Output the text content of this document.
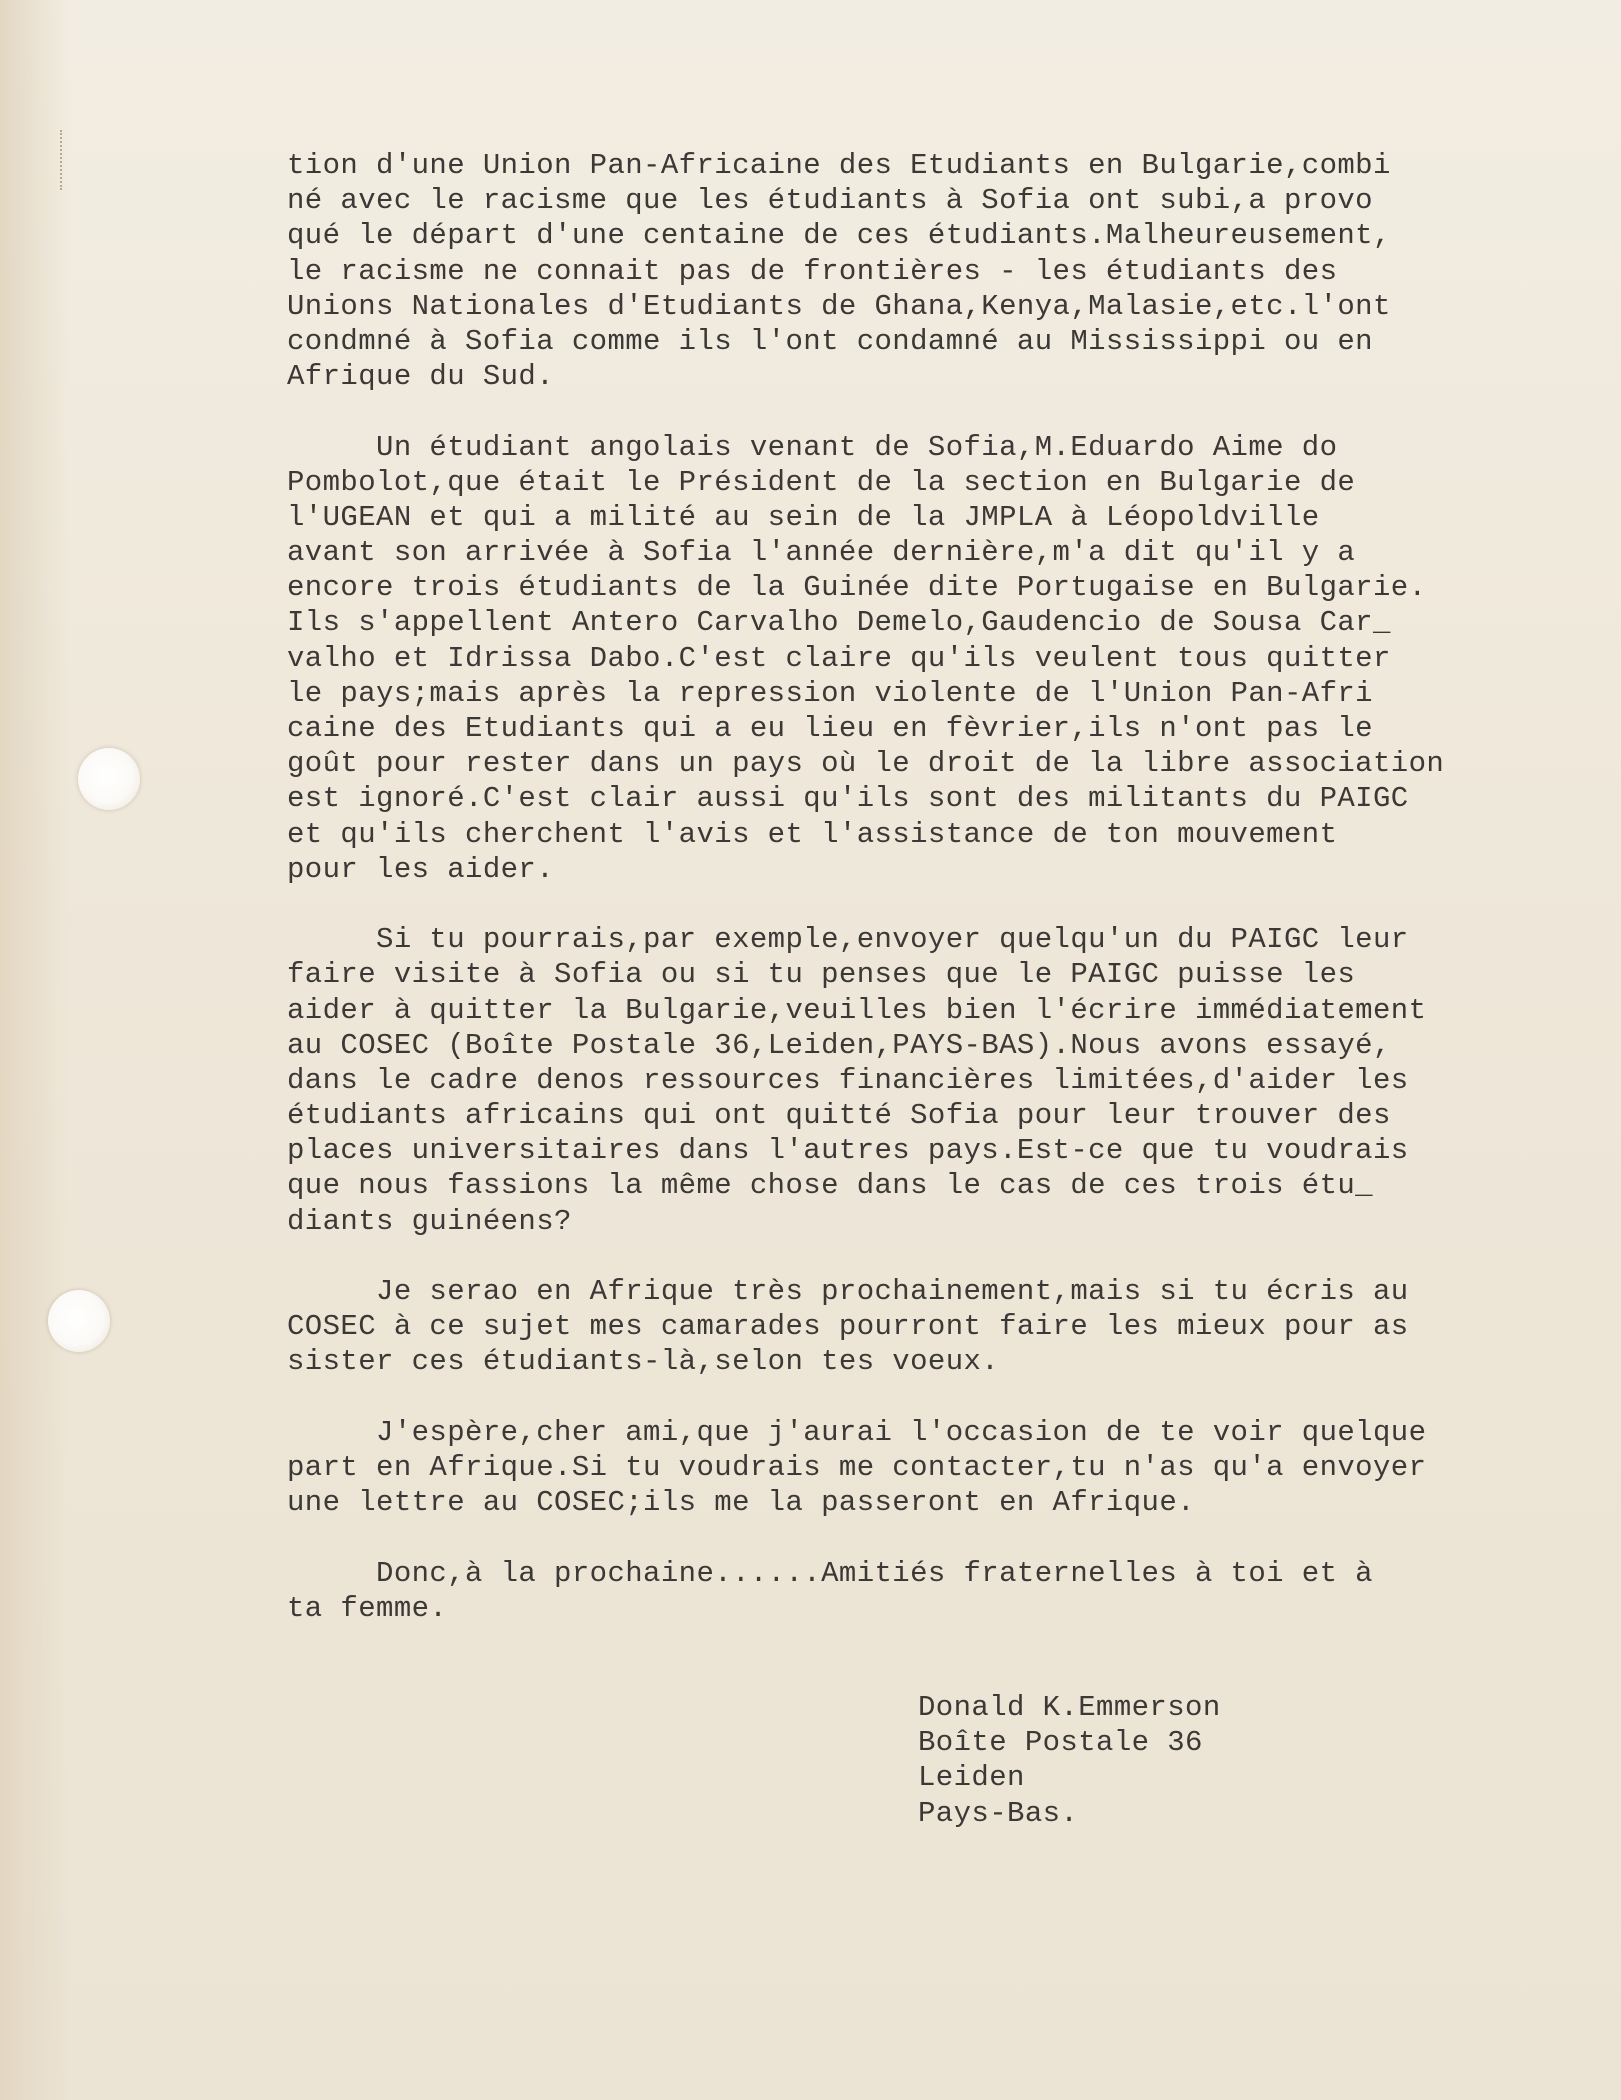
tion d'une Union Pan-Africaine des Etudiants en Bulgarie,combi
né avec le racisme que les étudiants à Sofia ont subi,a provo
qué le départ d'une centaine de ces étudiants.Malheureusement,
le racisme ne connait pas de frontières - les étudiants des
Unions Nationales d'Etudiants de Ghana,Kenya,Malasie,etc.l'ont
condmné à Sofia comme ils l'ont condamné au Mississippi ou en
Afrique du Sud.
Un étudiant angolais venant de Sofia,M.Eduardo Aime do
Pombolot,que était le Président de la section en Bulgarie de
l'UGEAN et qui a milité au sein de la JMPLA à Léopoldville
avant son arrivée à Sofia l'année dernière,m'a dit qu'il y a
encore trois étudiants de la Guinée dite Portugaise en Bulgarie.
Ils s'appellent Antero Carvalho Demelo,Gaudencio de Sousa Car_
valho et Idrissa Dabo.C'est claire qu'ils veulent tous quitter
le pays;mais après la repression violente de l'Union Pan-Afri
caine des Etudiants qui a eu lieu en fèvrier,ils n'ont pas le
goût pour rester dans un pays où le droit de la libre association
est ignoré.C'est clair aussi qu'ils sont des militants du PAIGC
et qu'ils cherchent l'avis et l'assistance de ton mouvement
pour les aider.
Si tu pourrais,par exemple,envoyer quelqu'un du PAIGC leur
faire visite à Sofia ou si tu penses que le PAIGC puisse les
aider à quitter la Bulgarie,veuilles bien l'écrire immédiatement
au COSEC (Boîte Postale 36,Leiden,PAYS-BAS).Nous avons essayé,
dans le cadre denos ressources financières limitées,d'aider les
étudiants africains qui ont quitté Sofia pour leur trouver des
places universitaires dans l'autres pays.Est-ce que tu voudrais
que nous fassions la même chose dans le cas de ces trois étu_
diants guinéens?
Je serao en Afrique très prochainement,mais si tu écris au
COSEC à ce sujet mes camarades pourront faire les mieux pour as
sister ces étudiants-là,selon tes voeux.
J'espère,cher ami,que j'aurai l'occasion de te voir quelque
part en Afrique.Si tu voudrais me contacter,tu n'as qu'a envoyer
une lettre au COSEC;ils me la passeront en Afrique.
Donc,à la prochaine......Amitiés fraternelles à toi et à
ta femme.
Donald K.Emmerson
Boîte Postale 36
Leiden
Pays-Bas.
